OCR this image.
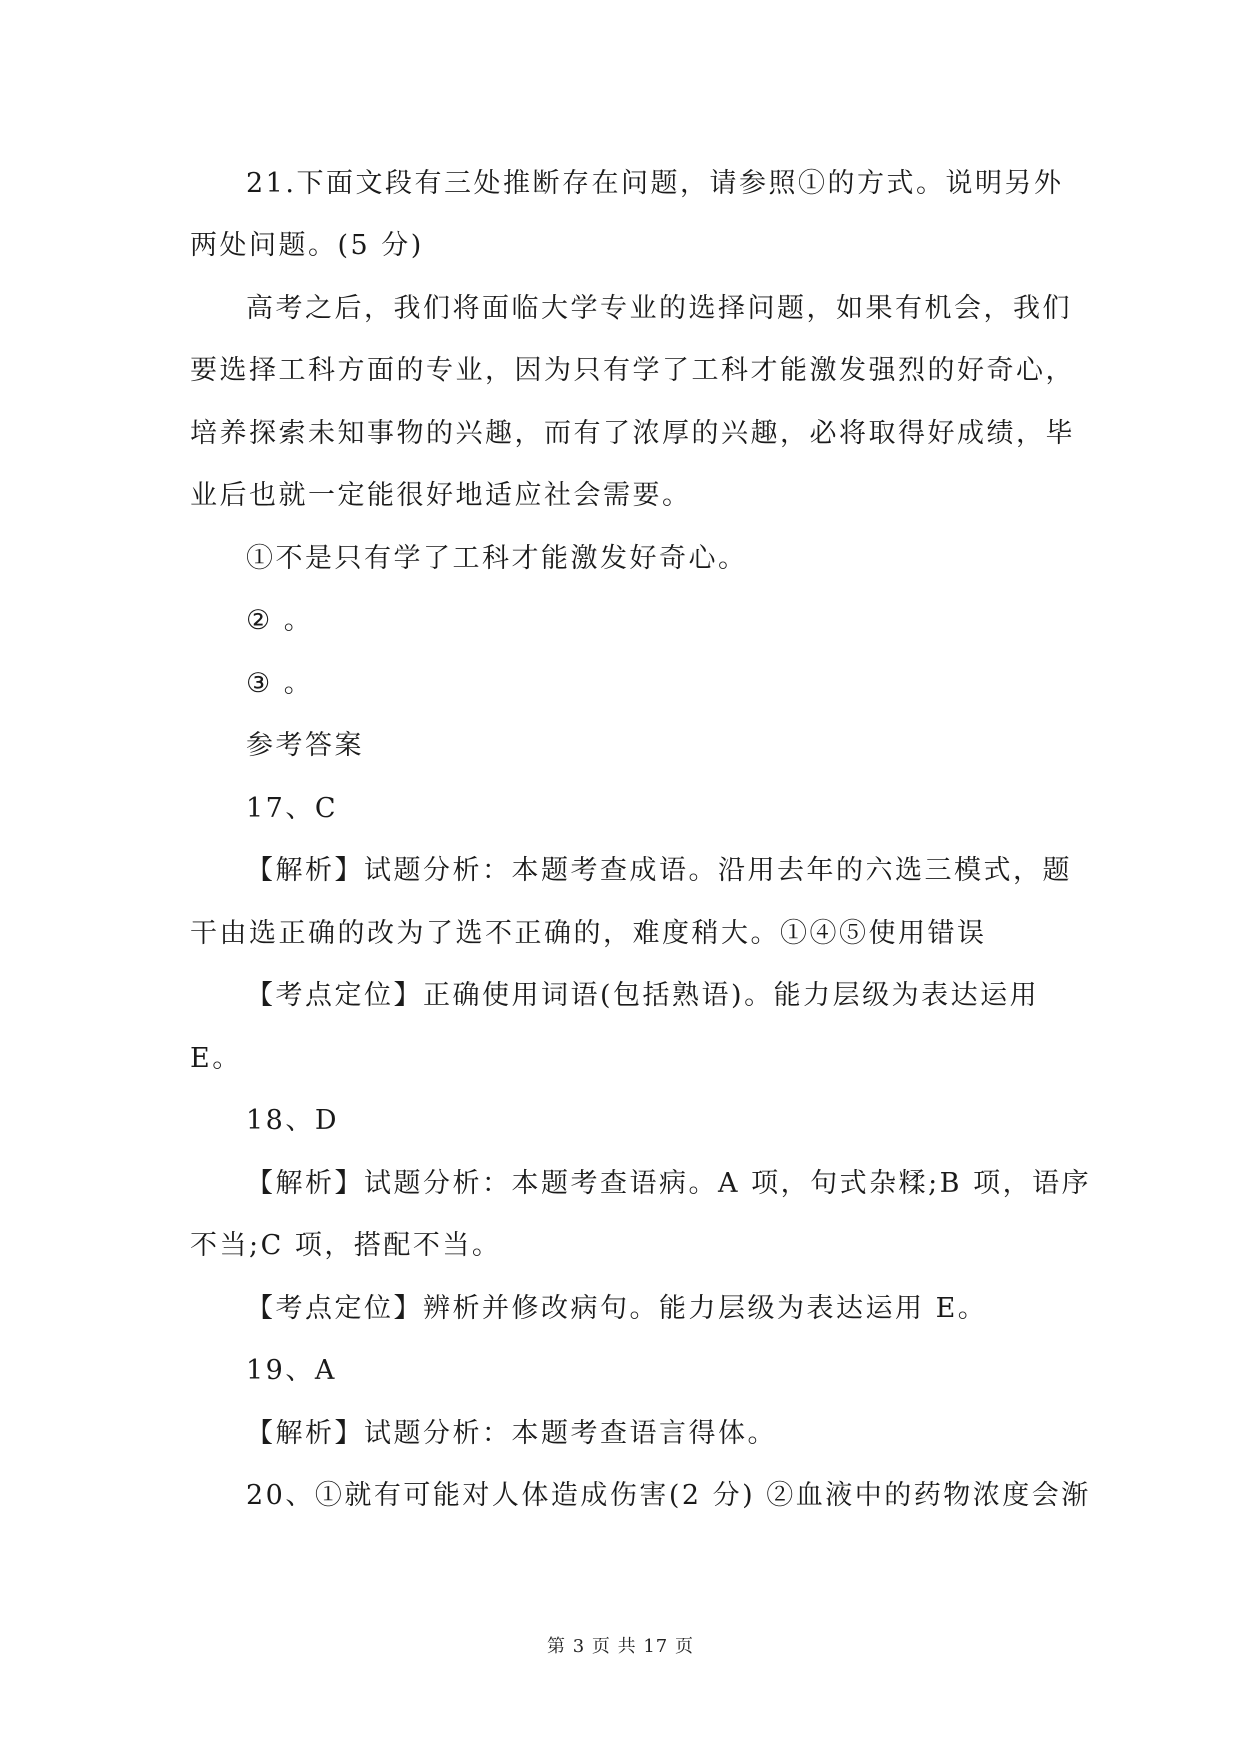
21.下面文段有三处推断存在问题，请参照①的方式。说明另外
两处问题。(5 分)
高考之后，我们将面临大学专业的选择问题，如果有机会，我们
要选择工科方面的专业，因为只有学了工科才能激发强烈的好奇心，
培养探索未知事物的兴趣，而有了浓厚的兴趣，必将取得好成绩，毕
业后也就一定能很好地适应社会需要。
①不是只有学了工科才能激发好奇心。
② 。
③ 。
参考答案
17、C
【解析】试题分析：本题考查成语。沿用去年的六选三模式，题
干由选正确的改为了选不正确的，难度稍大。①④⑤使用错误
【考点定位】正确使用词语(包括熟语)。能力层级为表达运用
E。
18、D
【解析】试题分析：本题考查语病。A 项，句式杂糅;B 项，语序
不当;C 项，搭配不当。
【考点定位】辨析并修改病句。能力层级为表达运用 E。
19、A
【解析】试题分析：本题考查语言得体。
20、①就有可能对人体造成伤害(2 分) ②血液中的药物浓度会渐
第 3 页 共 17 页
